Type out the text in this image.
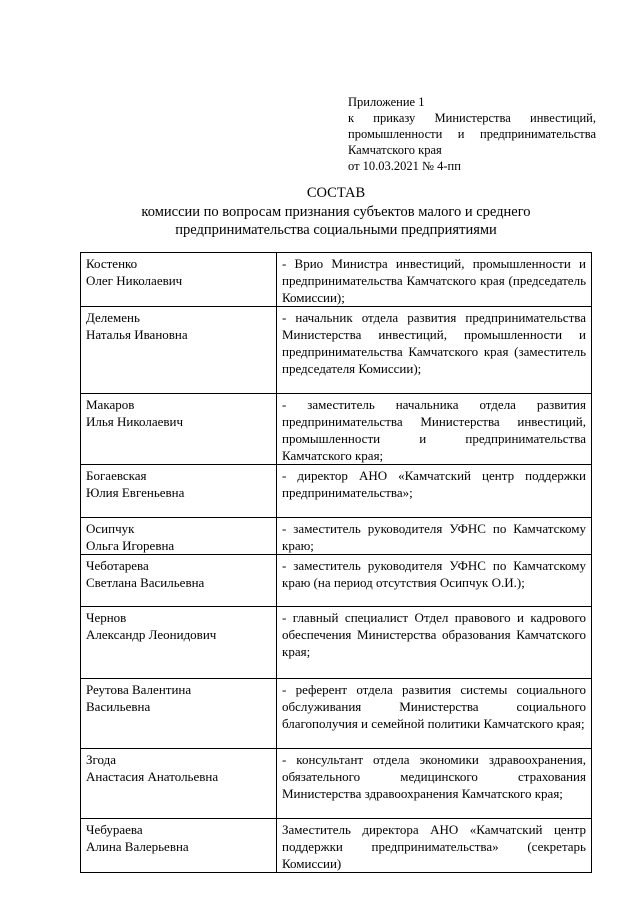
Приложение 1
к приказу Министерства инвестиций,
промышленности и предпринимательства
Камчатского края
от 10.03.2021 № 4-пп
СОСТАВ
комиссии по вопросам признания субъектов малого и среднего
предпринимательства социальными предприятиями
Костенко
Олег Николаевич	- Врио Министра инвестиций, промышленности и предпринимательства Камчатского края (председатель Комиссии);

Делемень
Наталья Ивановна	- начальник отдела развития предпринимательства Министерства инвестиций, промышленности и предпринимательства Камчатского края (заместитель председателя Комиссии);

Макаров
Илья Николаевич	- заместитель начальника отдела развития предпринимательства Министерства инвестиций, промышленности и предпринимательства Камчатского края;

Богаевская
Юлия Евгеньевна	- директор АНО «Камчатский центр поддержки предпринимательства»;

Осипчук
Ольга Игоревна	- заместитель руководителя УФНС по Камчатскому краю;

Чеботарева
Светлана Васильевна	- заместитель руководителя УФНС по Камчатскому краю (на период отсутствия Осипчук О.И.);

Чернов
Александр Леонидович	- главный специалист Отдел правового и кадрового обеспечения Министерства образования Камчатского края;

Реутова Валентина
Васильевна	- референт отдела развития системы социального обслуживания Министерства социального благополучия и семейной политики Камчатского края;

Згода
Анастасия Анатольевна	- консультант отдела экономики здравоохранения, обязательного медицинского страхования Министерства здравоохранения Камчатского края;

Чебураева
Алина Валерьевна	Заместитель директора АНО «Камчатский центр поддержки предпринимательства» (секретарь Комиссии)
